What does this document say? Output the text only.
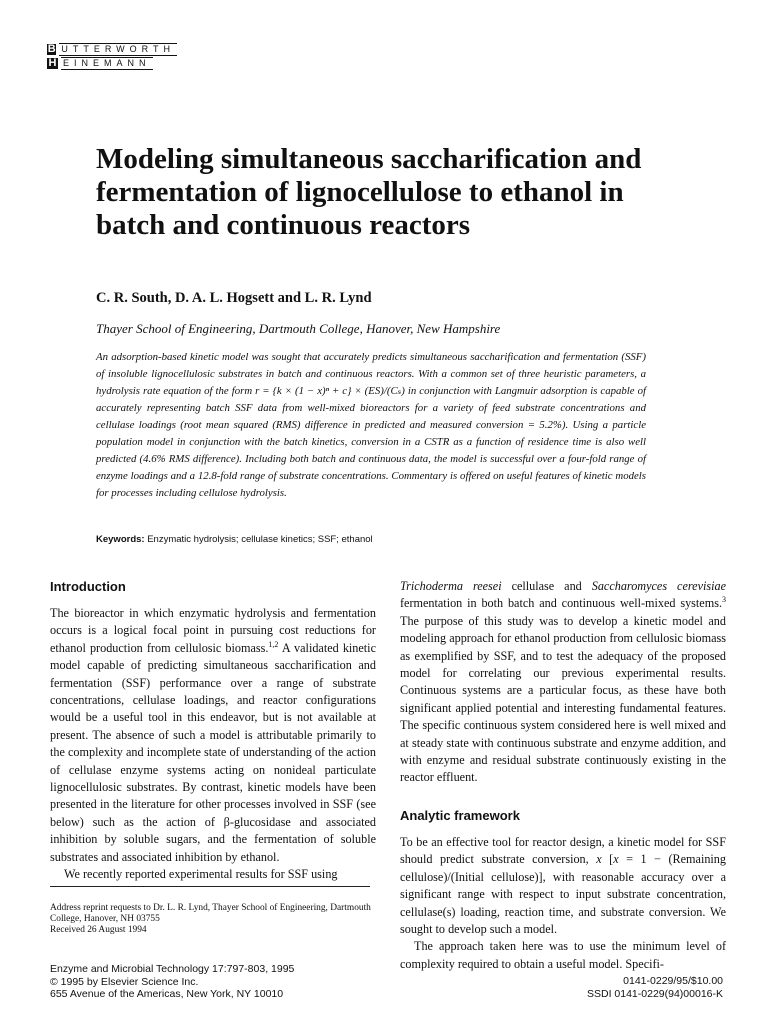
B UTTERWORTH
H EINEMANN
Modeling simultaneous saccharification and fermentation of lignocellulose to ethanol in batch and continuous reactors

C. R. South, D. A. L. Hogsett and L. R. Lynd

Thayer School of Engineering, Dartmouth College, Hanover, New Hampshire

An adsorption-based kinetic model was sought that accurately predicts simultaneous saccharification and fermentation (SSF) of insoluble lignocellulosic substrates in batch and continuous reactors. With a common set of three heuristic parameters, a hydrolysis rate equation of the form r = {k × (1 − x)ⁿ + c} × (ES)/(Cₛ) in conjunction with Langmuir adsorption is capable of accurately representing batch SSF data from well-mixed bioreactors for a variety of feed substrate concentrations and cellulase loadings (root mean squared (RMS) difference in predicted and measured conversion = 5.2%). Using a particle population model in conjunction with the batch kinetics, conversion in a CSTR as a function of residence time is also well predicted (4.6% RMS difference). Including both batch and continuous data, the model is successful over a four-fold range of enzyme loadings and a 12.8-fold range of substrate concentrations. Commentary is offered on useful features of kinetic models for processes including cellulose hydrolysis.

Keywords: Enzymatic hydrolysis; cellulase kinetics; SSF; ethanol

Introduction

The bioreactor in which enzymatic hydrolysis and fermentation occurs is a logical focal point in pursuing cost reductions for ethanol production from cellulosic biomass.$^{1,2}$ A validated kinetic model capable of predicting simultaneous saccharification and fermentation (SSF) performance over a range of substrate concentrations, cellulase loadings, and reactor configurations would be a useful tool in this endeavor, but is not available at present. The absence of such a model is attributable primarily to the complexity and incomplete state of understanding of the action of cellulase enzyme systems acting on nonideal particulate lignocellulosic substrates. By contrast, kinetic models have been presented in the literature for other processes involved in SSF (see below) such as the action of β-glucosidase and associated inhibition by soluble sugars, and the fermentation of soluble substrates and associated inhibition by ethanol.

We recently reported experimental results for SSF using

Trichoderma reesei cellulase and Saccharomyces cerevisiae fermentation in both batch and continuous well-mixed systems.$^3$ The purpose of this study was to develop a kinetic model and modeling approach for ethanol production from cellulosic biomass as exemplified by SSF, and to test the adequacy of the proposed model for correlating our previous experimental results. Continuous systems are a particular focus, as these have both significant applied potential and interesting fundamental features. The specific continuous system considered here is well mixed and at steady state with continuous substrate and enzyme addition, and with enzyme and residual substrate continuously existing in the reactor effluent.

Analytic framework

To be an effective tool for reactor design, a kinetic model for SSF should predict substrate conversion, x [x = 1 − (Remaining cellulose)/(Initial cellulose)], with reasonable accuracy over a significant range with respect to input substrate concentration, cellulase(s) loading, reaction time, and substrate conversion. We sought to develop such a model.

The approach taken here was to use the minimum level of complexity required to obtain a useful model. Specifi-

Address reprint requests to Dr. L. R. Lynd, Thayer School of Engineering, Dartmouth College, Hanover, NH 03755
Received 26 August 1994
Enzyme and Microbial Technology 17:797-803, 1995
© 1995 by Elsevier Science Inc.
655 Avenue of the Americas, New York, NY 10010
0141-0229/95/$10.00
SSDI 0141-0229(94)00016-K
